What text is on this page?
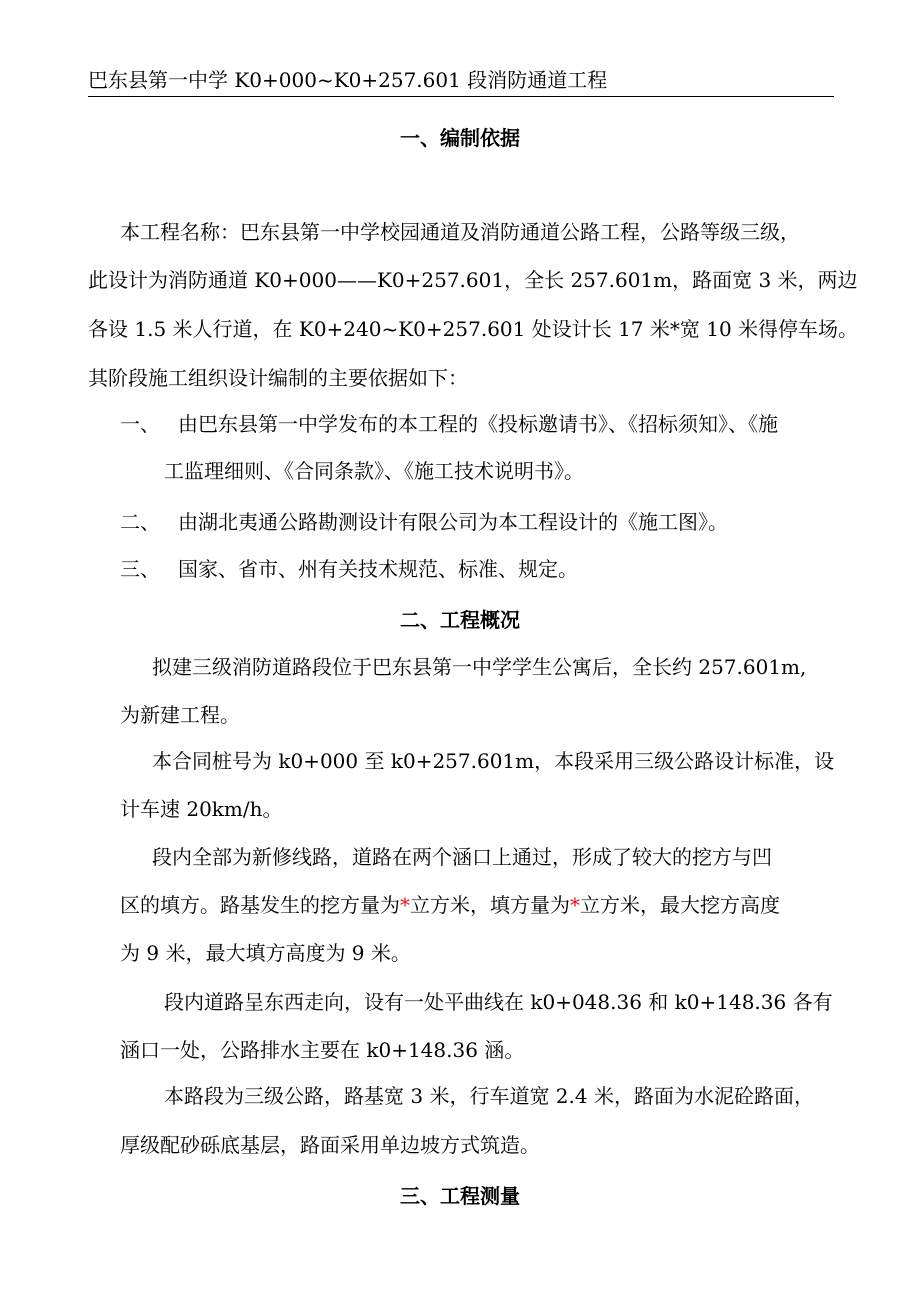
巴东县第一中学 K0+000~K0+257.601 段消防通道工程
一、编制依据
本工程名称：巴东县第一中学校园通道及消防通道公路工程，公路等级三级，
此设计为消防通道 K0+000——K0+257.601，全长 257.601m，路面宽 3 米，两边
各设 1.5 米人行道，在 K0+240~K0+257.601 处设计长 17 米*宽 10 米得停车场。
其阶段施工组织设计编制的主要依据如下：
一、 由巴东县第一中学发布的本工程的《投标邀请书》、《招标须知》、《施
工监理细则、《合同条款》、《施工技术说明书》。
二、 由湖北夷通公路勘测设计有限公司为本工程设计的《施工图》。
三、 国家、省市、州有关技术规范、标准、规定。
二、工程概况
拟建三级消防道路段位于巴东县第一中学学生公寓后，全长约 257.601m,
为新建工程。
本合同桩号为 k0+000 至 k0+257.601m，本段采用三级公路设计标准，设
计车速 20km/h。
段内全部为新修线路，道路在两个涵口上通过，形成了较大的挖方与凹
区的填方。路基发生的挖方量为*立方米，填方量为*立方米，最大挖方高度
为 9 米，最大填方高度为 9 米。
段内道路呈东西走向，设有一处平曲线在 k0+048.36 和 k0+148.36 各有
涵口一处，公路排水主要在 k0+148.36 涵。
本路段为三级公路，路基宽 3 米，行车道宽 2.4 米，路面为水泥砼路面，
厚级配砂砾底基层，路面采用单边坡方式筑造。
三、工程测量
